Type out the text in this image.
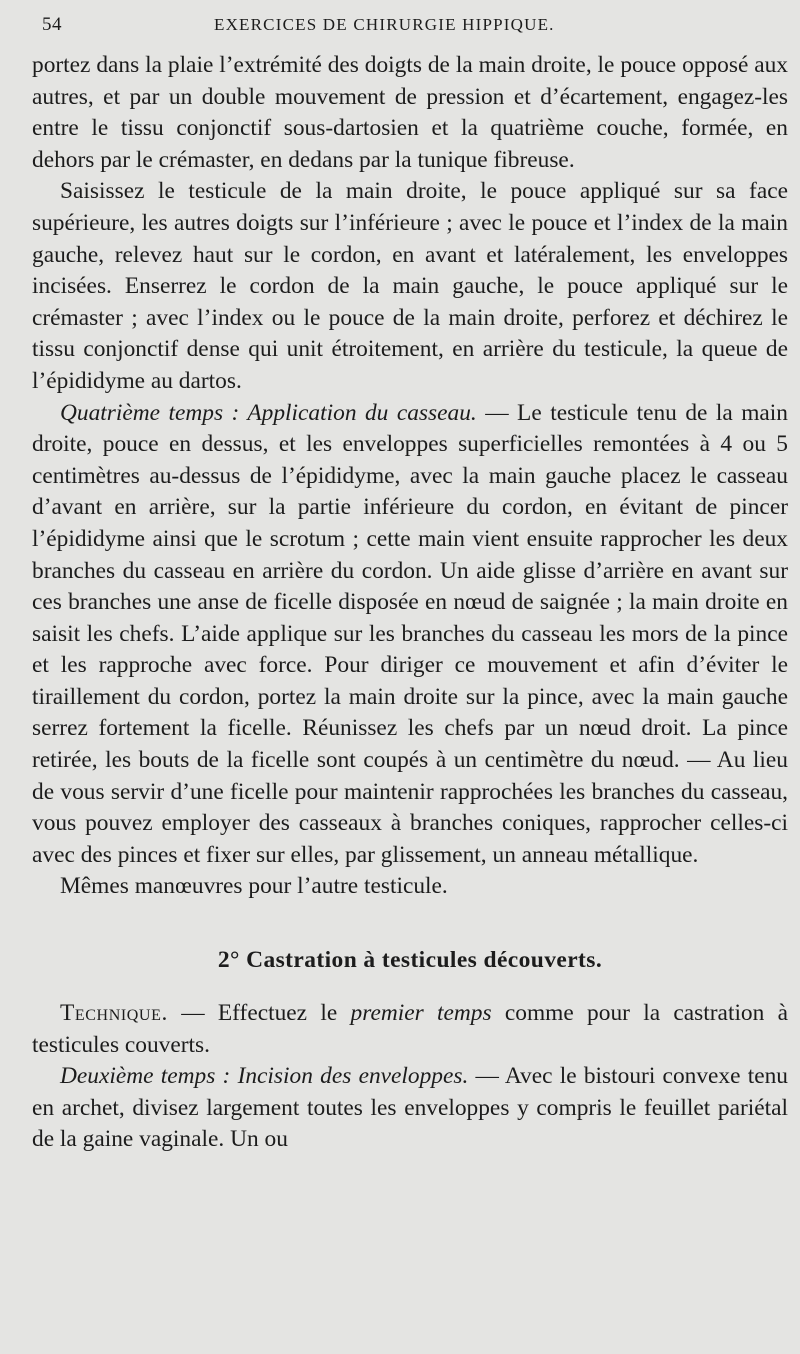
54	EXERCICES DE CHIRURGIE HIPPIQUE.

portez dans la plaie l’extrémité des doigts de la main droite, le pouce opposé aux autres, et par un double mouvement de pression et d’écartement, engagez-les entre le tissu conjonctif sous-dartosien et la quatrième couche, formée, en dehors par le crémaster, en dedans par la tunique fibreuse.

Saisissez le testicule de la main droite, le pouce appliqué sur sa face supérieure, les autres doigts sur l’inférieure ; avec le pouce et l’index de la main gauche, relevez haut sur le cordon, en avant et latéralement, les enveloppes incisées. Enserrez le cordon de la main gauche, le pouce appliqué sur le crémaster ; avec l’index ou le pouce de la main droite, perforez et déchirez le tissu conjonctif dense qui unit étroitement, en arrière du testicule, la queue de l’épididyme au dartos.

Quatrième temps : Application du casseau. — Le testicule tenu de la main droite, pouce en dessus, et les enveloppes superficielles remontées à 4 ou 5 centimètres au-dessus de l’épididyme, avec la main gauche placez le casseau d’avant en arrière, sur la partie inférieure du cordon, en évitant de pincer l’épididyme ainsi que le scrotum ; cette main vient ensuite rapprocher les deux branches du casseau en arrière du cordon. Un aide glisse d’arrière en avant sur ces branches une anse de ficelle disposée en nœud de saignée ; la main droite en saisit les chefs. L’aide applique sur les branches du casseau les mors de la pince et les rapproche avec force. Pour diriger ce mouvement et afin d’éviter le tiraillement du cordon, portez la main droite sur la pince, avec la main gauche serrez fortement la ficelle. Réunissez les chefs par un nœud droit. La pince retirée, les bouts de la ficelle sont coupés à un centimètre du nœud. — Au lieu de vous servir d’une ficelle pour maintenir rapprochées les branches du casseau, vous pouvez employer des casseaux à branches coniques, rapprocher celles-ci avec des pinces et fixer sur elles, par glissement, un anneau métallique.

Mêmes manœuvres pour l’autre testicule.

2° Castration à testicules découverts.

Technique. — Effectuez le premier temps comme pour la castration à testicules couverts.

Deuxième temps : Incision des enveloppes. — Avec le bistouri convexe tenu en archet, divisez largement toutes les enveloppes y compris le feuillet pariétal de la gaine vaginale. Un ou
